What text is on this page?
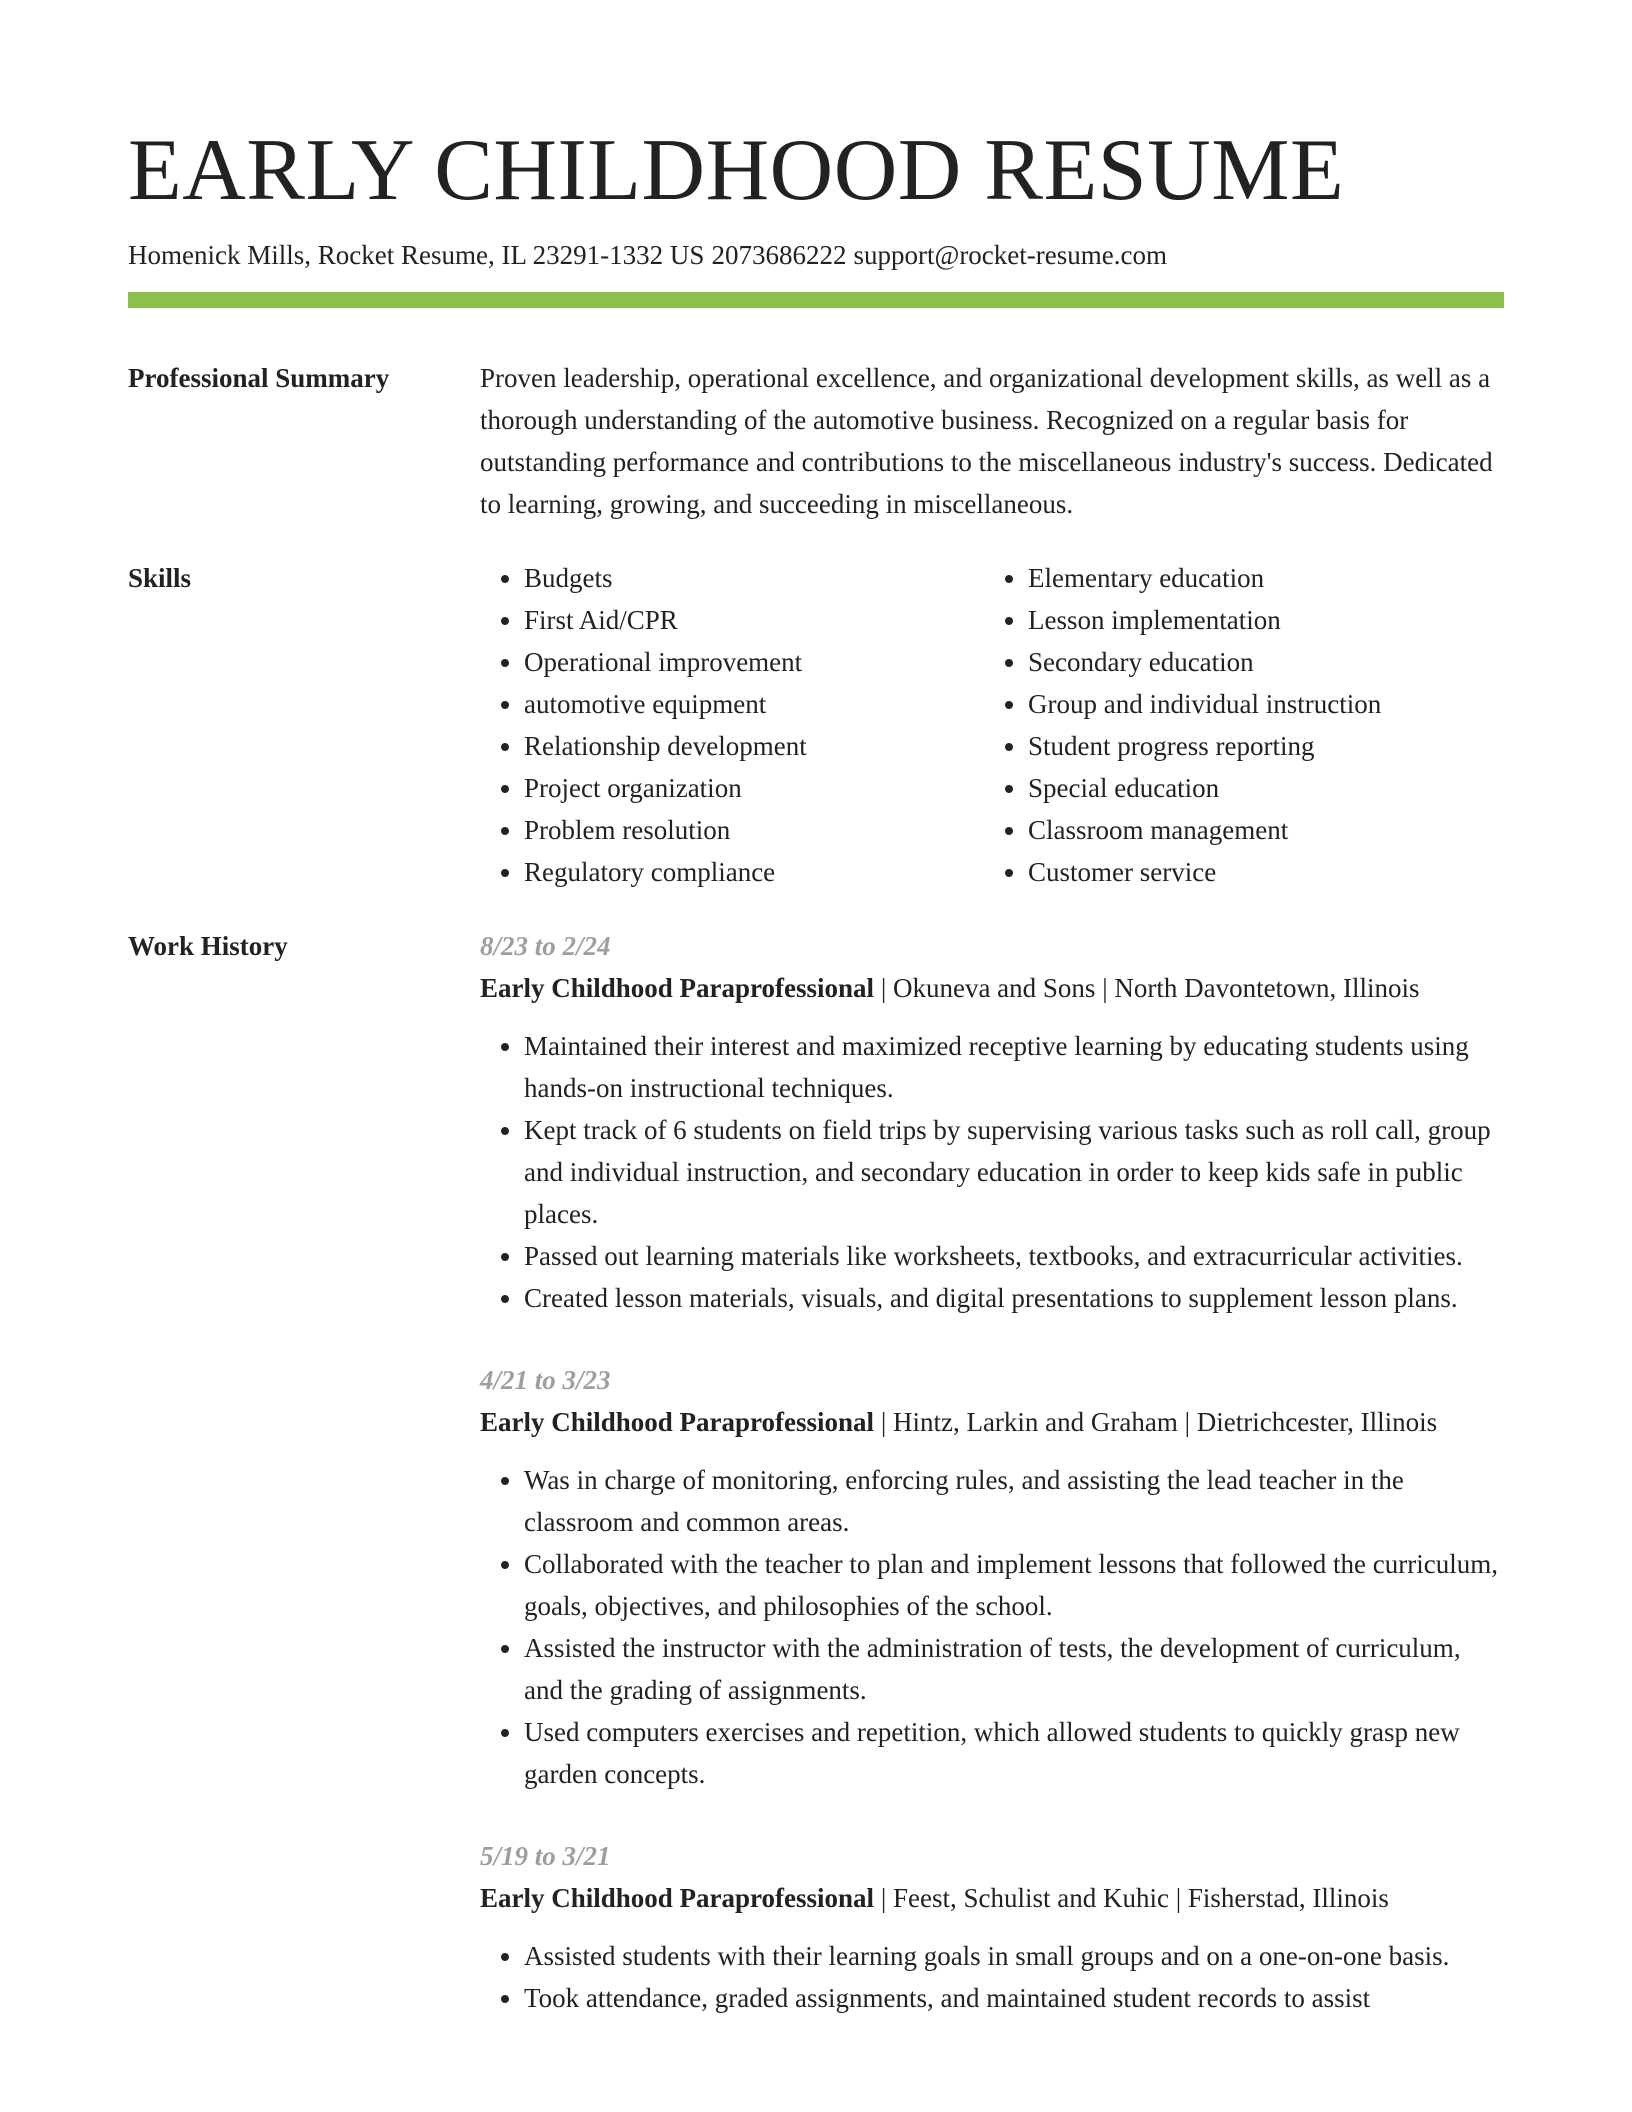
EARLY CHILDHOOD RESUME
Homenick Mills, Rocket Resume, IL 23291-1332 US 2073686222 support@rocket-resume.com
Professional Summary	Proven leadership, operational excellence, and organizational development skills, as well as a thorough understanding of the automotive business. Recognized on a regular basis for outstanding performance and contributions to the miscellaneous industry's success. Dedicated to learning, growing, and succeeding in miscellaneous.

Skills
•	Budgets
• First Aid/CPR
• Operational improvement
• automotive equipment
• Relationship development
• Project organization
• Problem resolution
• Regulatory compliance
• Elementary education
• Lesson implementation
• Secondary education
• Group and individual instruction
• Student progress reporting
• Special education
• Classroom management
• Customer service
Work History	8/23 to 2/24
Early Childhood Paraprofessional | Okuneva and Sons | North Davontetown, Illinois
• Maintained their interest and maximized receptive learning by educating students using hands-on instructional techniques.
• Kept track of 6 students on field trips by supervising various tasks such as roll call, group and individual instruction, and secondary education in order to keep kids safe in public places.
• Passed out learning materials like worksheets, textbooks, and extracurricular activities.
• Created lesson materials, visuals, and digital presentations to supplement lesson plans.
4/21 to 3/23
Early Childhood Paraprofessional | Hintz, Larkin and Graham | Dietrichcester, Illinois
• Was in charge of monitoring, enforcing rules, and assisting the lead teacher in the classroom and common areas.
• Collaborated with the teacher to plan and implement lessons that followed the curriculum, goals, objectives, and philosophies of the school.
• Assisted the instructor with the administration of tests, the development of curriculum, and the grading of assignments.
• Used computers exercises and repetition, which allowed students to quickly grasp new garden concepts.
5/19 to 3/21
Early Childhood Paraprofessional | Feest, Schulist and Kuhic | Fisherstad, Illinois
• Assisted students with their learning goals in small groups and on a one-on-one basis.
• Took attendance, graded assignments, and maintained student records to assist
